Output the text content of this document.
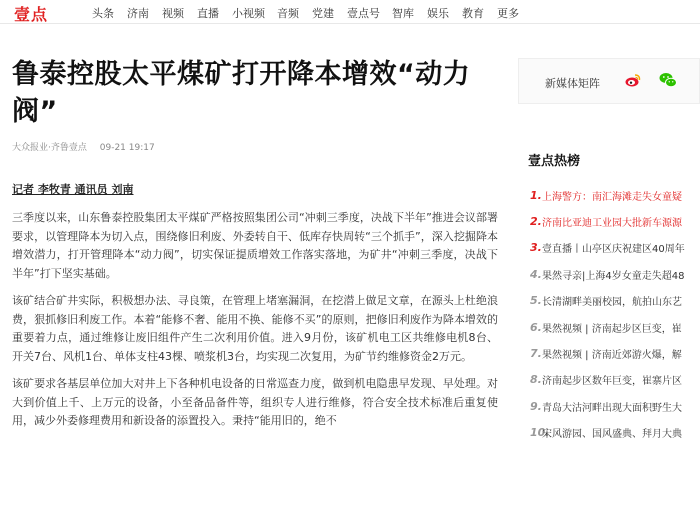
壹点	头条	济南	视频	直播	小视频	音频	党建	壹点号	智库	娱乐	教育	更多
鲁泰控股太平煤矿打开降本增效“动力阀”
大众报业·齐鲁壹点 09-21 19:17
记者 李牧青 通讯员 刘南

三季度以来，山东鲁泰控股集团太平煤矿严格按照集团公司“冲刺三季度，决战下半年”推进会议部署要求，以管理降本为切入点，围绕修旧利废、外委转自干、低库存快周转“三个抓手”，深入挖掘降本增效潜力，打开管理降本“动力阀”，切实保证提质增效工作落实落地，为矿井“冲刺三季度，决战下半年”打下坚实基础。

该矿结合矿井实际，积极想办法、寻良策，在管理上堵塞漏洞，在挖潜上做足文章，在源头上杜绝浪费，狠抓修旧利废工作。本着“能修不奢、能用不换、能修不买”的原则，把修旧利废作为降本增效的重要着力点，通过维修让废旧组件产生二次利用价值。进入9月份，该矿机电工区共维修电机8台、开关7台、风机1台、单体支柱43棵、喷浆机3台，均实现二次复用，为矿节约维修资金2万元。

该矿要求各基层单位加大对井上下各种机电设备的日常巡查力度，做到机电隐患早发现、早处理。对大到价值上千、上万元的设备，小至备品备件等，组织专人进行维修，符合安全技术标准后重复使用，减少外委修理费用和新设备的添置投入。秉持“能用旧的，绝不

新媒体矩阵
壹点热榜
1. 上海警方：南汇海滩走失女童疑
2. 济南比亚迪工业园大批新车源源
3. 壹直播丨山亭区庆祝建区40周年
4. 果然寻亲|上海4岁女童走失超48
5. 长清湖畔美丽校园，航拍山东艺
6. 果然视频 | 济南起步区巨变，崔
7. 果然视频 | 济南近郊游火爆，解
8. 济南起步区数年巨变，崔寨片区
9. 青岛大沽河畔出现大面积野生大
10.
宋风游园、国风盛典、拜月大典
